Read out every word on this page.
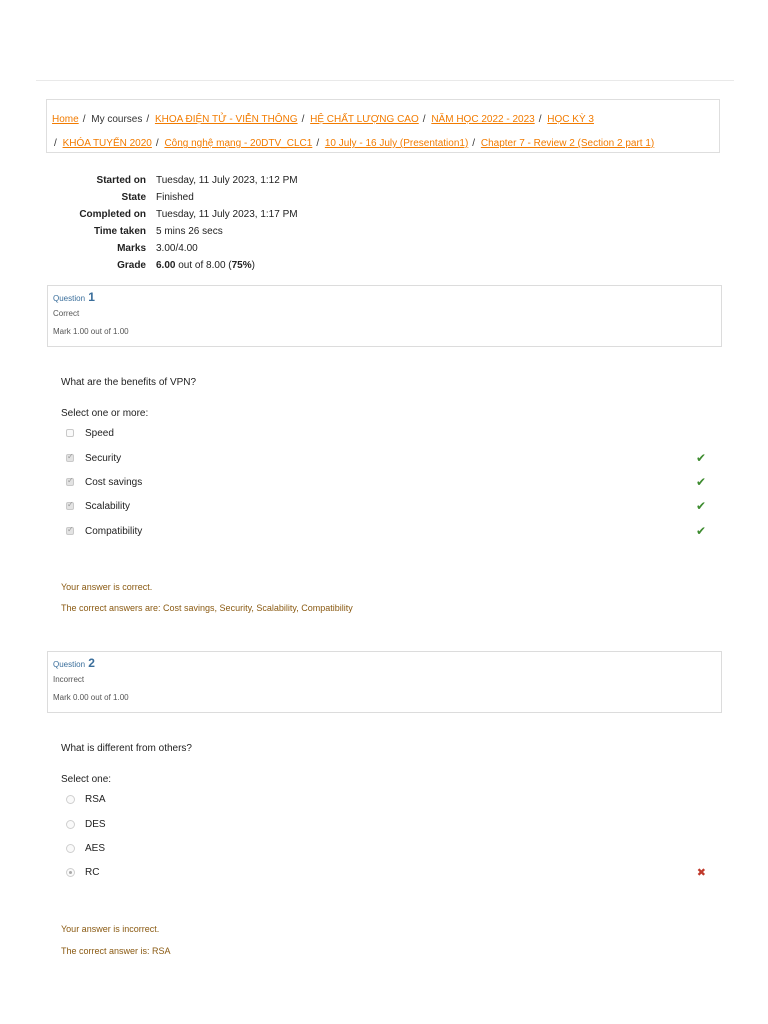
Home / My courses / KHOA ĐIỆN TỬ - VIỄN THÔNG / HỆ CHẤT LƯỢNG CAO / NĂM HỌC 2022 - 2023 / HỌC KỲ 3
/ KHÓA TUYỂN 2020 / Công nghệ mạng - 20DTV_CLC1 / 10 July - 16 July (Presentation1) / Chapter 7 - Review 2 (Section 2 part 1)
Started on	Tuesday, 11 July 2023, 1:12 PM
State	Finished
Completed on	Tuesday, 11 July 2023, 1:17 PM
Time taken	5 mins 26 secs
Marks	3.00/4.00
Grade	6.00 out of 8.00 (75%)
Question 1
Correct
Mark 1.00 out of 1.00
What are the benefits of VPN?
Select one or more:
Speed
✓
Security	✔
✓
Cost savings	✔
✓
Scalability	✔
✓
Compatibility	✔
Your answer is correct.
The correct answers are: Cost savings, Security, Scalability, Compatibility
Question 2
Incorrect
Mark 0.00 out of 1.00
What is different from others?
Select one:
RSA
DES
AES
RC	✖
Your answer is incorrect.
The correct answer is: RSA
